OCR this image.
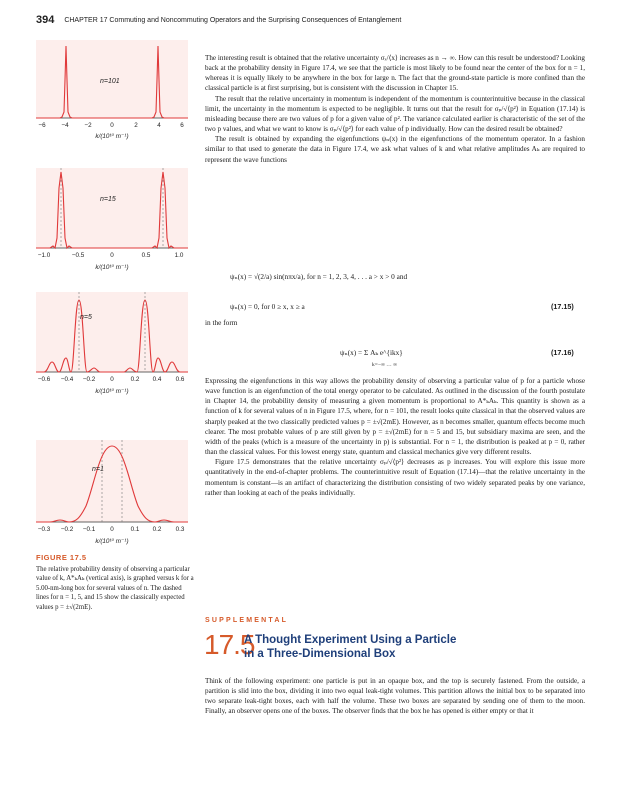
394 CHAPTER 17 Commuting and Noncommuting Operators and the Surprising Consequences of Entanglement
n=101
−6	−4	−2	0	2	4	6
k/(10¹⁰ m⁻¹)
n=15
−1.0	−0.5	0	0.5	1.0
k/(10¹⁰ m⁻¹)
n=5
−0.6 −0.4 −0.2 0	0.2 0.4 0.6
k/(10¹⁰ m⁻¹)
n=1
−0.3 −0.2 −0.1 0	0.1 0.2 0.3
k/(10¹⁰ m⁻¹)
FIGURE 17.5
The relative probability density of observing a particular value of k, A*ₖAₖ (vertical axis), is graphed versus k for a 5.00-nm-long box for several values of n. The dashed lines for n = 1, 5, and 15 show the classically expected values p = ±√(2mE).

The interesting result is obtained that the relative uncertainty σₓ/⟨x⟩ increases as n → ∞. How can this result be understood? Looking back at the probability density in Figure 17.4, we see that the particle is most likely to be found near the center of the box for n = 1, whereas it is equally likely to be anywhere in the box for large n. The fact that the ground-state particle is more confined than the classical particle is at first surprising, but is consistent with the discussion in Chapter 15.

The result that the relative uncertainty in momentum is independent of the momentum is counterintuitive because in the classical limit, the uncertainty in the momentum is expected to be negligible. It turns out that the result for σₚ/√⟨p²⟩ in Equation (17.14) is misleading because there are two values of p for a given value of p². The variance calculated earlier is characteristic of the set of the two p values, and what we want to know is σₚ/√⟨p²⟩ for each value of p individually. How can the desired result be obtained?

The result is obtained by expanding the eigenfunctions ψₙ(x) in the eigenfunctions of the momentum operator. In a fashion similar to that used to generate the data in Figure 17.4, we ask what values of k and what relative amplitudes Aₖ are required to represent the wave functions

ψₙ(x) = √(2/a) sin(nπx/a), for n = 1, 2, 3, 4, . . . a > x > 0 and
ψₙ(x) = 0, for 0 ≥ x, x ≥ a	(17.15)
in the form
ψₙ(x) = Σ Aₖ e^{ikx}
k=−∞ … ∞
(17.16)

Expressing the eigenfunctions in this way allows the probability density of observing a particular value of p for a particle whose wave function is an eigenfunction of the total energy operator to be calculated. As outlined in the discussion of the fourth postulate in Chapter 14, the probability density of measuring a given momentum is proportional to A*ₖAₖ. This quantity is shown as a function of k for several values of n in Figure 17.5, where, for n = 101, the result looks quite classical in that the observed values are sharply peaked at the two classically predicted values p = ±√(2mE). However, as n becomes smaller, quantum effects become much clearer. The most probable values of p are still given by p = ±√(2mE) for n = 5 and 15, but subsidiary maxima are seen, and the width of the peaks (which is a measure of the uncertainty in p) is substantial. For n = 1, the distribution is peaked at p = 0, rather than the classical values. For this lowest energy state, quantum and classical mechanics give very different results.

Figure 17.5 demonstrates that the relative uncertainty σₚ/√⟨p²⟩ decreases as p increases. You will explore this issue more quantitatively in the end-of-chapter problems. The counterintuitive result of Equation (17.14)—that the relative uncertainty in the momentum is constant—is an artifact of characterizing the distribution consisting of two widely separated peaks by one variance, rather than looking at each of the peaks individually.

SUPPLEMENTAL
17.5
A Thought Experiment Using a Particle
in a Three-Dimensional Box

Think of the following experiment: one particle is put in an opaque box, and the top is securely fastened. From the outside, a partition is slid into the box, dividing it into two equal leak-tight volumes. This partition allows the initial box to be separated into two separate leak-tight boxes, each with half the volume. These two boxes are separated by sending one of them to the moon. Finally, an observer opens one of the boxes. The observer finds that the box he has opened is either empty or that it
